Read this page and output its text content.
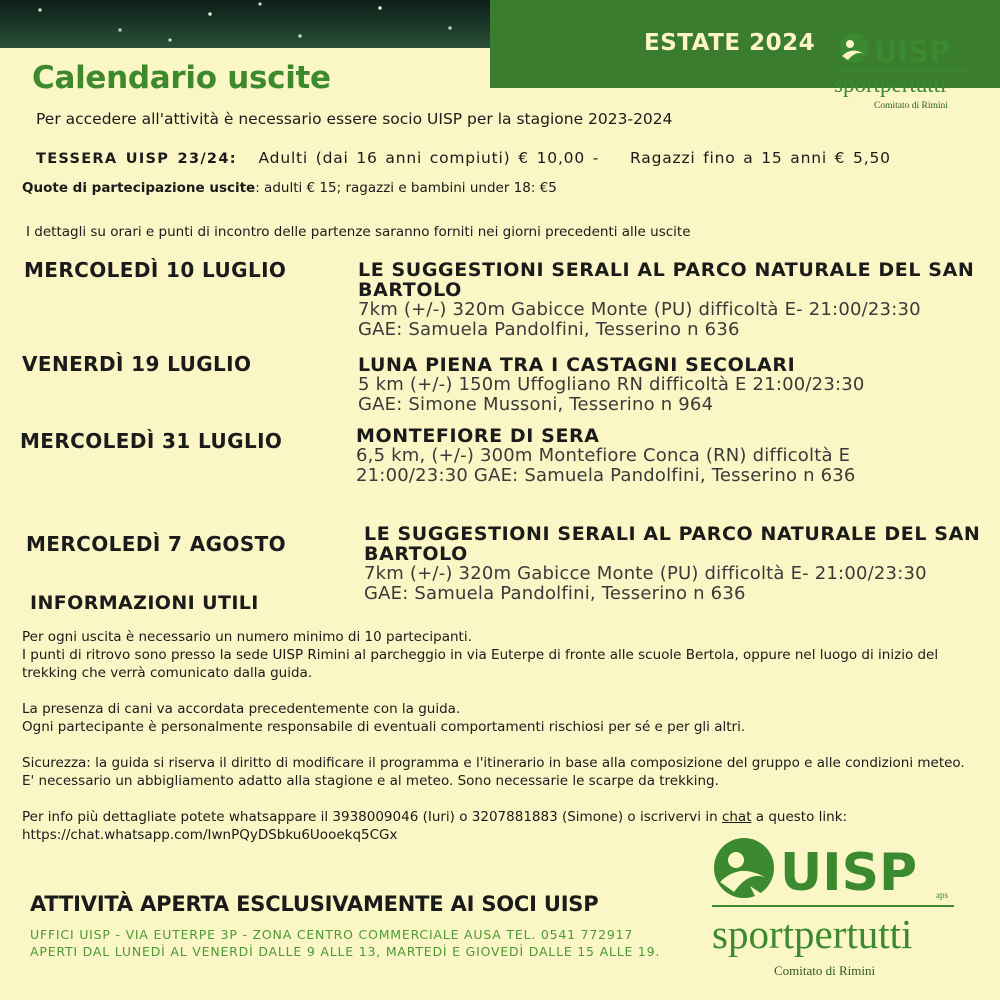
ESTATE 2024 UISP
sportpertutti
Comitato di Rimini
Calendario uscite
Per accedere all'attività è necessario essere socio UISP per la stagione 2023-2024
TESSERA UISP 23/24: Adulti (dai 16 anni compiuti) € 10,00 - Ragazzi fino a 15 anni € 5,50
Quote di partecipazione uscite: adulti € 15; ragazzi e bambini under 18: €5
I dettagli su orari e punti di incontro delle partenze saranno forniti nei giorni precedenti alle uscite
MERCOLEDÌ 10 LUGLIO	LE SUGGESTIONI SERALI AL PARCO NATURALE DEL SAN BARTOLO
7km (+/-) 320m Gabicce Monte (PU) difficoltà E- 21:00/23:30
GAE: Samuela Pandolfini, Tesserino n 636
VENERDÌ 19 LUGLIO	LUNA PIENA TRA I CASTAGNI SECOLARI
5 km (+/-) 150m Uffogliano RN difficoltà E 21:00/23:30
GAE: Simone Mussoni, Tesserino n 964
MERCOLEDÌ 31 LUGLIO	MONTEFIORE DI SERA
6,5 km, (+/-) 300m Montefiore Conca (RN) difficoltà E
21:00/23:30 GAE: Samuela Pandolfini, Tesserino n 636
MERCOLEDÌ 7 AGOSTO	LE SUGGESTIONI SERALI AL PARCO NATURALE DEL SAN BARTOLO
7km (+/-) 320m Gabicce Monte (PU) difficoltà E- 21:00/23:30
GAE: Samuela Pandolfini, Tesserino n 636
INFORMAZIONI UTILI

Per ogni uscita è necessario un numero minimo di 10 partecipanti.

I punti di ritrovo sono presso la sede UISP Rimini al parcheggio in via Euterpe di fronte alle scuole Bertola, oppure nel luogo di inizio del trekking che verrà comunicato dalla guida.

La presenza di cani va accordata precedentemente con la guida.

Ogni partecipante è personalmente responsabile di eventuali comportamenti rischiosi per sé e per gli altri.

Sicurezza: la guida si riserva il diritto di modificare il programma e l'itinerario in base alla composizione del gruppo e alle condizioni meteo.

E' necessario un abbigliamento adatto alla stagione e al meteo. Sono necessarie le scarpe da trekking.

Per info più dettagliate potete whatsappare il 3938009046 (Iuri) o 3207881883 (Simone) o iscrivervi in chat a questo link:

https://chat.whatsapp.com/IwnPQyDSbku6Uooekq5CGx

ATTIVITÀ APERTA ESCLUSIVAMENTE AI SOCI UISP
UFFICI UISP - VIA EUTERPE 3P - ZONA CENTRO COMMERCIALE AUSA TEL. 0541 772917
APERTI DAL LUNEDÌ AL VENERDÌ DALLE 9 ALLE 13, MARTEDÌ E GIOVEDÌ DALLE 15 ALLE 19.
UISP aps
sportpertutti
Comitato di Rimini
